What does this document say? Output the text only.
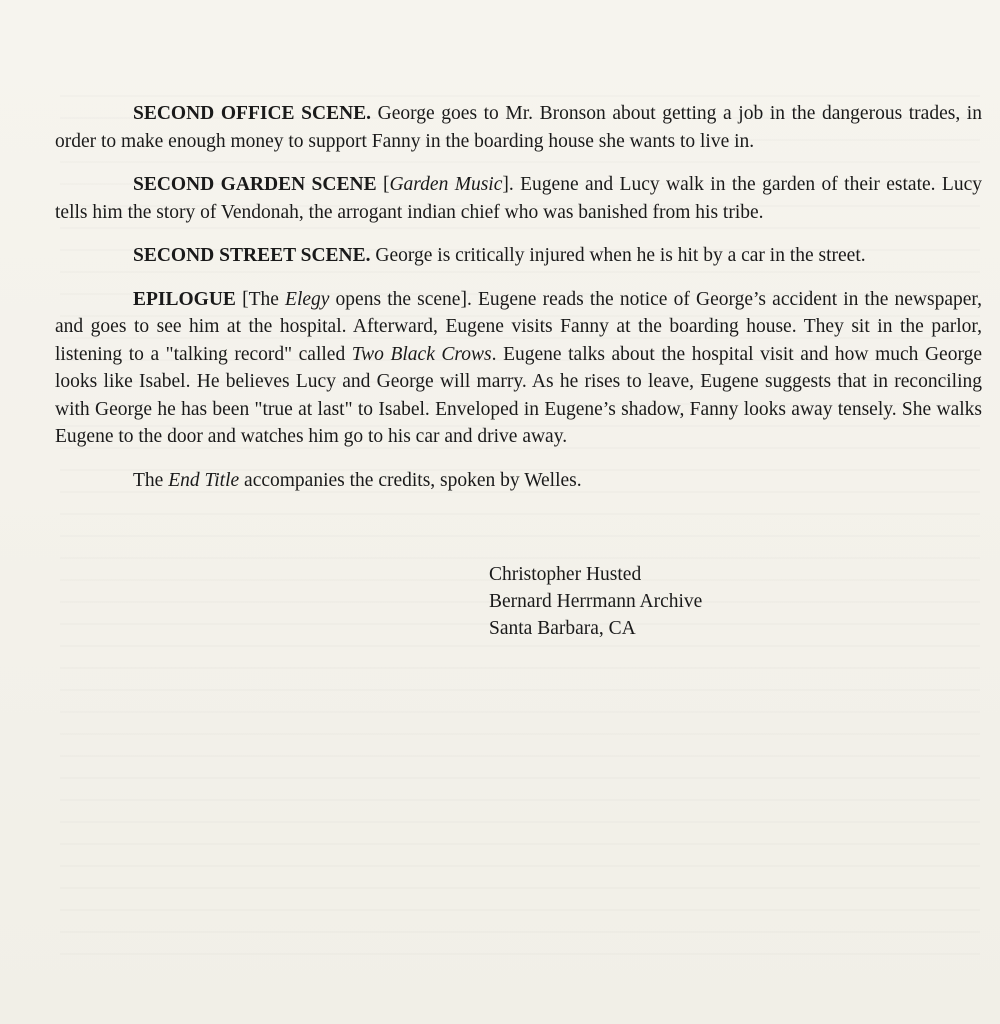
SECOND OFFICE SCENE. George goes to Mr. Bronson about getting a job in the dangerous trades, in order to make enough money to support Fanny in the boarding house she wants to live in.

SECOND GARDEN SCENE [Garden Music]. Eugene and Lucy walk in the garden of their estate. Lucy tells him the story of Vendonah, the arrogant indian chief who was banished from his tribe.

SECOND STREET SCENE. George is critically injured when he is hit by a car in the street.

EPILOGUE [The Elegy opens the scene]. Eugene reads the notice of George’s accident in the newspaper, and goes to see him at the hospital. Afterward, Eugene visits Fanny at the boarding house. They sit in the parlor, listening to a "talking record" called Two Black Crows. Eugene talks about the hospital visit and how much George looks like Isabel. He believes Lucy and George will marry. As he rises to leave, Eugene suggests that in reconciling with George he has been "true at last" to Isabel. Enveloped in Eugene’s shadow, Fanny looks away tensely. She walks Eugene to the door and watches him go to his car and drive away.

The End Title accompanies the credits, spoken by Welles.

Christopher Husted
Bernard Herrmann Archive
Santa Barbara, CA
